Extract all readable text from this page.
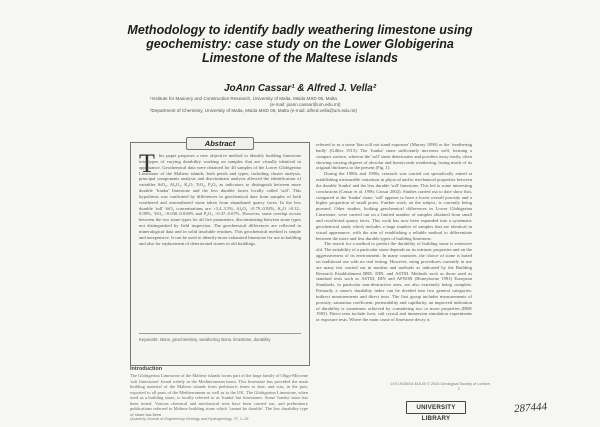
Methodology to identify badly weathering limestone using
geochemistry: case study on the Lower Globigerina
Limestone of the Maltese islands
JoAnn Cassar¹ & Alfred J. Vella²
¹Institute for Masonry and Construction Research, University of Malta, Msida MSD 06, Malta
(e-mail: joann.cassar@um.edu.mt)
²Department of Chemistry, University of Malta, Msida MSD 06, Malta (e-mail: alfred.vella@um.edu.mt)
Abstract
T his paper proposes a new objective method to identify building limestone into types of varying durability working on samples that are visually identical in appearance. Geochemical data were obtained for 40 samples of the Lower Globigerina Limestone of the Maltese islands, both petals and types, including cluster analysis, principal components analysis and discriminant analysis allowed the identification of variables SiO₂, Al₂O₃, K₂O, TiO₂, P₂O₅ as indicators to distinguish between more durable 'franka' limestone and the less durable facies locally called 'soll'. This hypothesis was confirmed by differences in geochemical data from samples of both weathered and unweathered stone taken from abandoned quarry faces. In the less durable 'soll' SiO₂ concentrations are >3.4–3.5%, Al₂O₃ >0.79–0.92%, K₂O >0.12–0.09%, TiO₂ >0.030–0.030% and P₂O₅ >0.47–0.67%. However, some overlap occurs between the two stone types for all five parameters, discriminating between stone types not distinguished by field inspection. The geochemical differences are reflected in mineralogical data and in solid insoluble residues. This geochemical method is simple and inexpensive. It can be used to identify more exhausted limestone for use in building and also for replacement of deteriorated stones in old buildings.
Keywords: stone, geochemistry, weathering stone, limestone, durability
Introduction
The Globigerina Limestone of the Maltese islands forms part of the large family of Oligo-Miocene 'soft limestones' found widely in the Mediterranean basin. This limestone has provided the main building material of the Maltese islands from prehistoric times to date, and was, in the past, exported to all parts of the Mediterranean as well as to the UK. The Globigerina Limestone, when used as a building stone, is locally referred to as 'franka' but limestones. Some 'franka' stone has been tested. Various chemical and mechanical tests have been carried out, and preliminary publications referred to Maltese building stone which 'cannot be durable'. The low durability type of stone has been

referred to as a stone 'that will not stand exposure' (Murray 1890) or the 'weathering badly' (Gillies 1913). The 'franka' stone sufficiently increases well, forming a compact surface, whereas the 'soll' stone deteriorates and powders away easily, often showing varying degrees of alveolar and honeycomb weathering, losing much of its original thickness to the present (Fig. 1).

During the 1980s and 1990s, research was carried out sporadically aimed at establishing measurable variations in physical and/or mechanical properties between the durable 'franka' and the less durable 'soll' limestone. This led to some interesting conclusions (Cassar et al. 1996; Cassar 2002). Studies carried out to date show that, compared to the 'franka' stone, 'soll' appears to have a lower overall porosity and a higher proportion of small pores. Further work, on the subject, is currently being pursued. Other studies, looking geochemical differences in Lower Globigerina Limestone, were carried out on a limited number of samples obtained from small and recollected quarry faces. This work has now been expanded into a systematic geochemical study which includes a large number of samples that are identical in visual appearance, with the aim of establishing a reliable method to differentiate between the more and less durable types of building limestone.

The search for a method to predict the durability of building stone is extensive old. The suitability of a particular stone depends on its intrinsic properties and on the aggressiveness of its environment. In many countries, the choice of stone is based on traditional use with no real testing. However, using procedures currently in use are many test carried out in modern and methods as indicated by the Building Research Establishment BRE, DIN, and ASTM. Methods such as those used as standard tests such as ASTM, DIN and AFNOR (Honeyborne 1991) European Standards, in particular non-destructive ones, are also extremely being complete. Primarily a stone's durability index can be divided into two general categories: indirect measurements and direct tests. The first group includes measurements of porosity, saturation coefficient, permeability and capillarity, an improved indication of durability is sometimes achieved by considering two or more properties (BRE 1983). Direct tests include frost, salt crystal and immersion simulation experiments or exposure tests. Where the main cause of limestone decay is

1470-9236/04 $15.00 © 2004 Geological Society of London
1
Quarterly Journal of Engineering Geology and Hydrogeology, 37, 1–18
UNIVERSITY LIBRARY
287444
